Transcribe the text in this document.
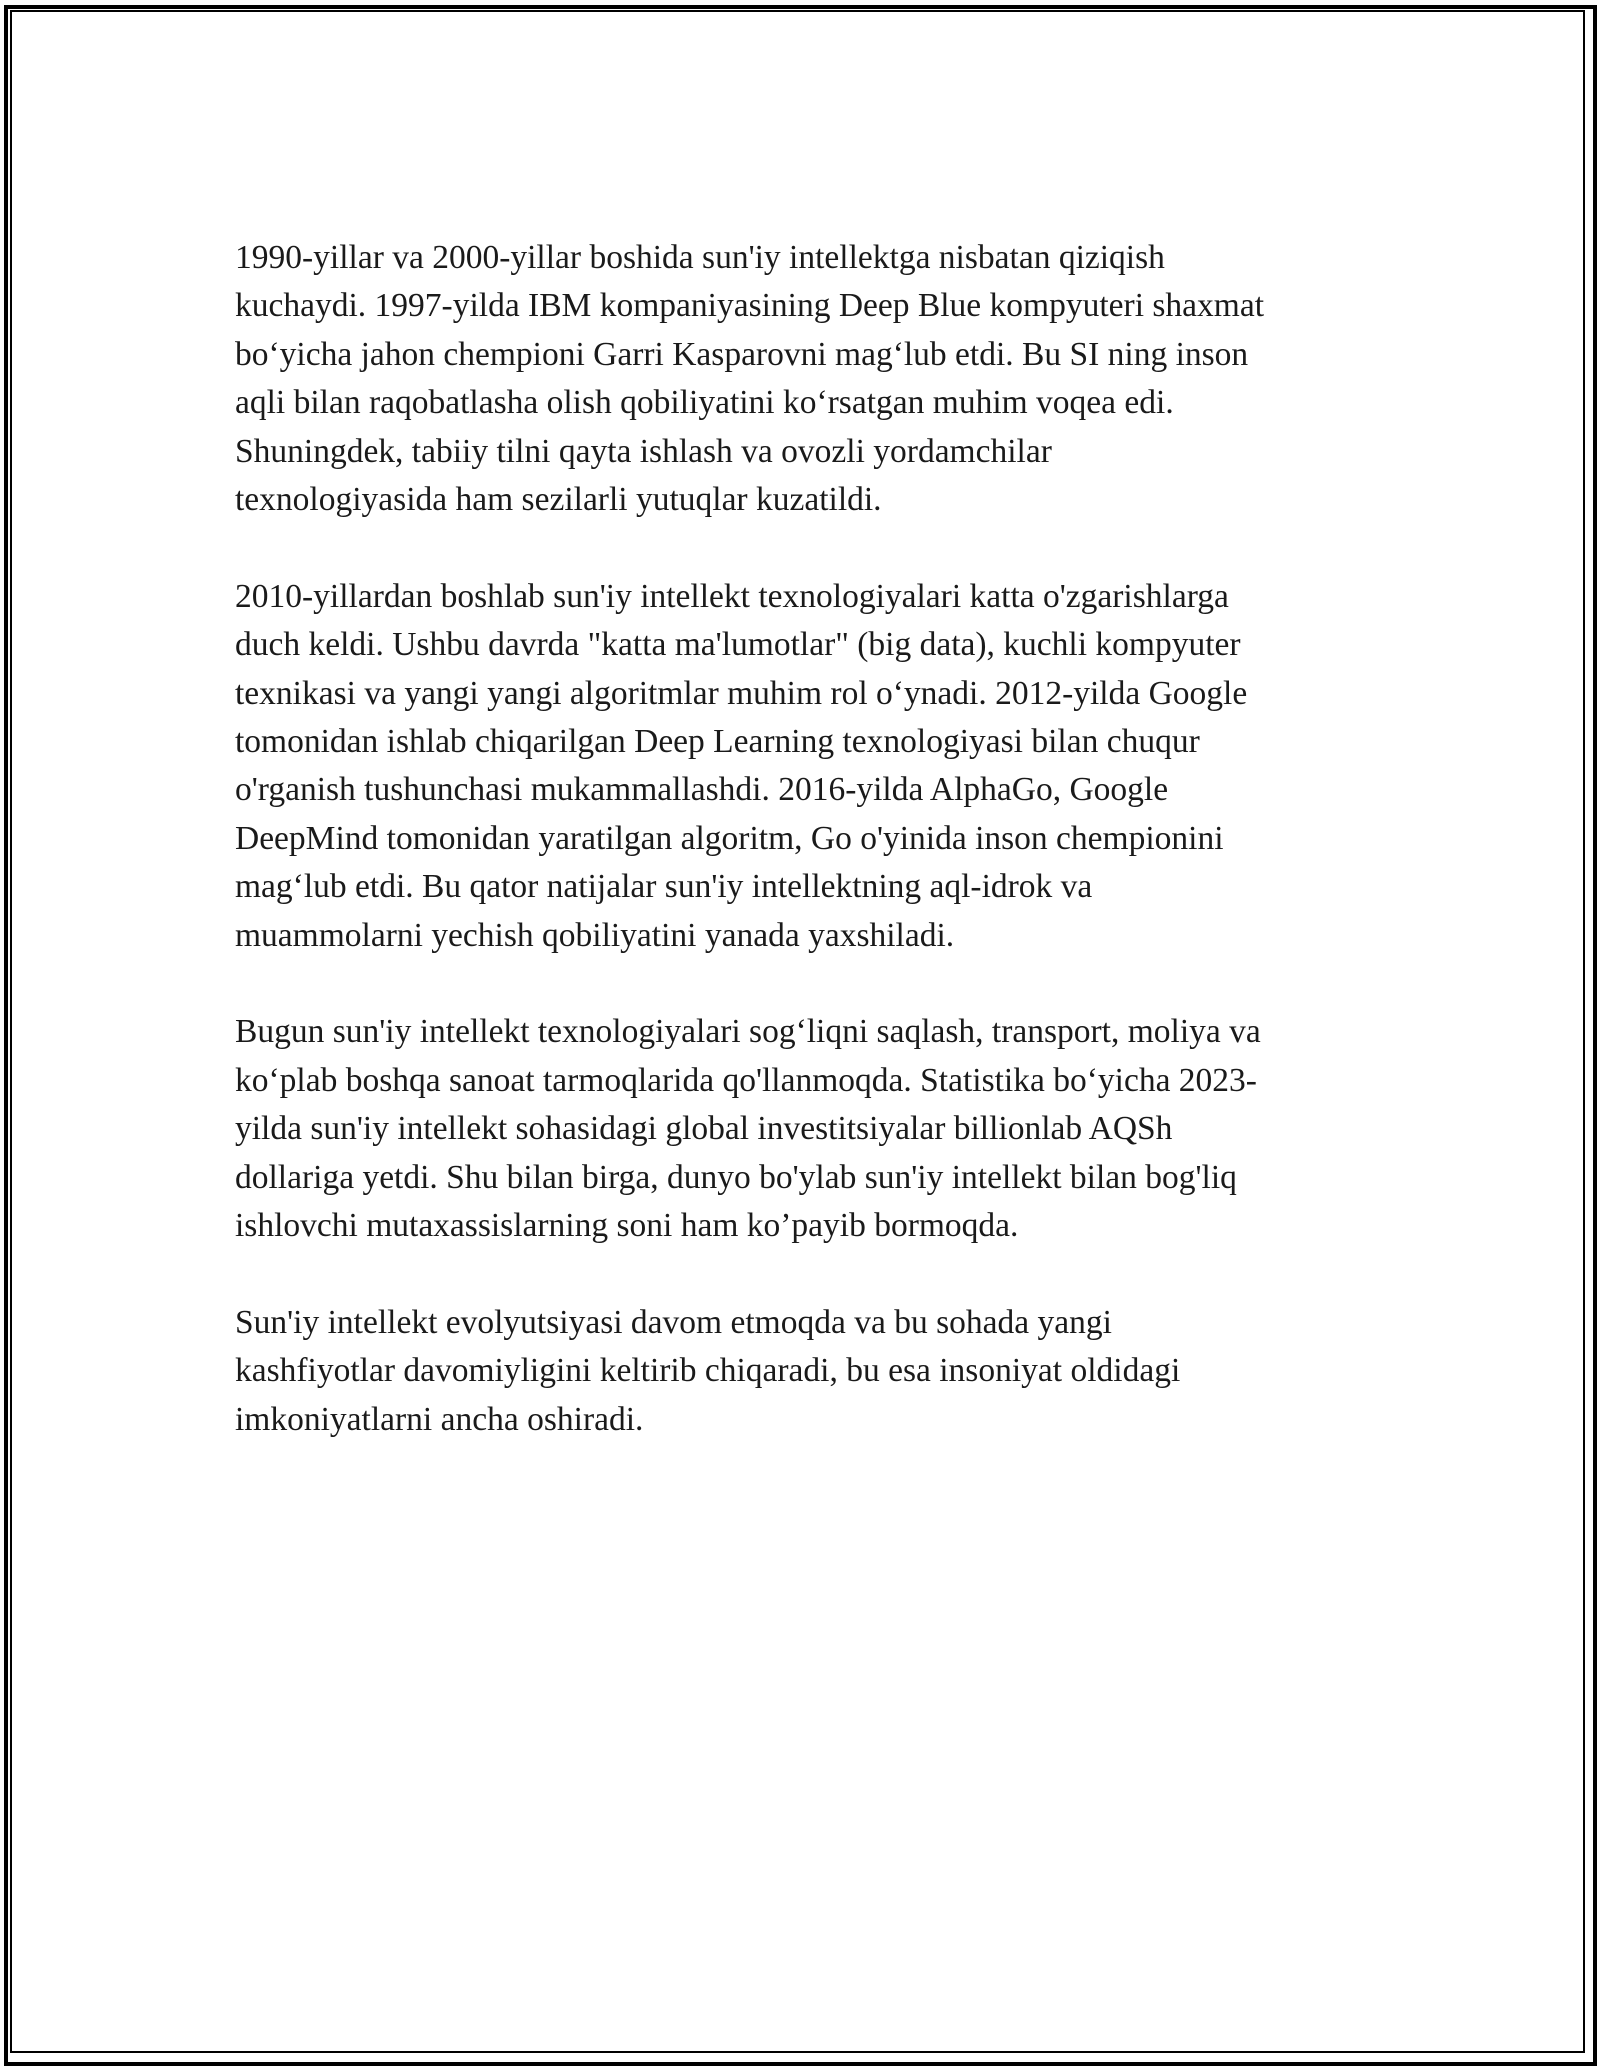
1990-yillar va 2000-yillar boshida sun'iy intellektga nisbatan qiziqish
kuchaydi. 1997-yilda IBM kompaniyasining Deep Blue kompyuteri shaxmat
bo‘yicha jahon chempioni Garri Kasparovni mag‘lub etdi. Bu SI ning inson
aqli bilan raqobatlasha olish qobiliyatini ko‘rsatgan muhim voqea edi.
Shuningdek, tabiiy tilni qayta ishlash va ovozli yordamchilar
texnologiyasida ham sezilarli yutuqlar kuzatildi.

2010-yillardan boshlab sun'iy intellekt texnologiyalari katta o'zgarishlarga
duch keldi. Ushbu davrda "katta ma'lumotlar" (big data), kuchli kompyuter
texnikasi va yangi yangi algoritmlar muhim rol o‘ynadi. 2012-yilda Google
tomonidan ishlab chiqarilgan Deep Learning texnologiyasi bilan chuqur
o'rganish tushunchasi mukammallashdi. 2016-yilda AlphaGo, Google
DeepMind tomonidan yaratilgan algoritm, Go o'yinida inson chempionini
mag‘lub etdi. Bu qator natijalar sun'iy intellektning aql-idrok va
muammolarni yechish qobiliyatini yanada yaxshiladi.

Bugun sun'iy intellekt texnologiyalari sog‘liqni saqlash, transport, moliya va
ko‘plab boshqa sanoat tarmoqlarida qo'llanmoqda. Statistika bo‘yicha 2023-
yilda sun'iy intellekt sohasidagi global investitsiyalar billionlab AQSh
dollariga yetdi. Shu bilan birga, dunyo bo'ylab sun'iy intellekt bilan bog'liq
ishlovchi mutaxassislarning soni ham ko’payib bormoqda.

Sun'iy intellekt evolyutsiyasi davom etmoqda va bu sohada yangi
kashfiyotlar davomiyligini keltirib chiqaradi, bu esa insoniyat oldidagi
imkoniyatlarni ancha oshiradi.
